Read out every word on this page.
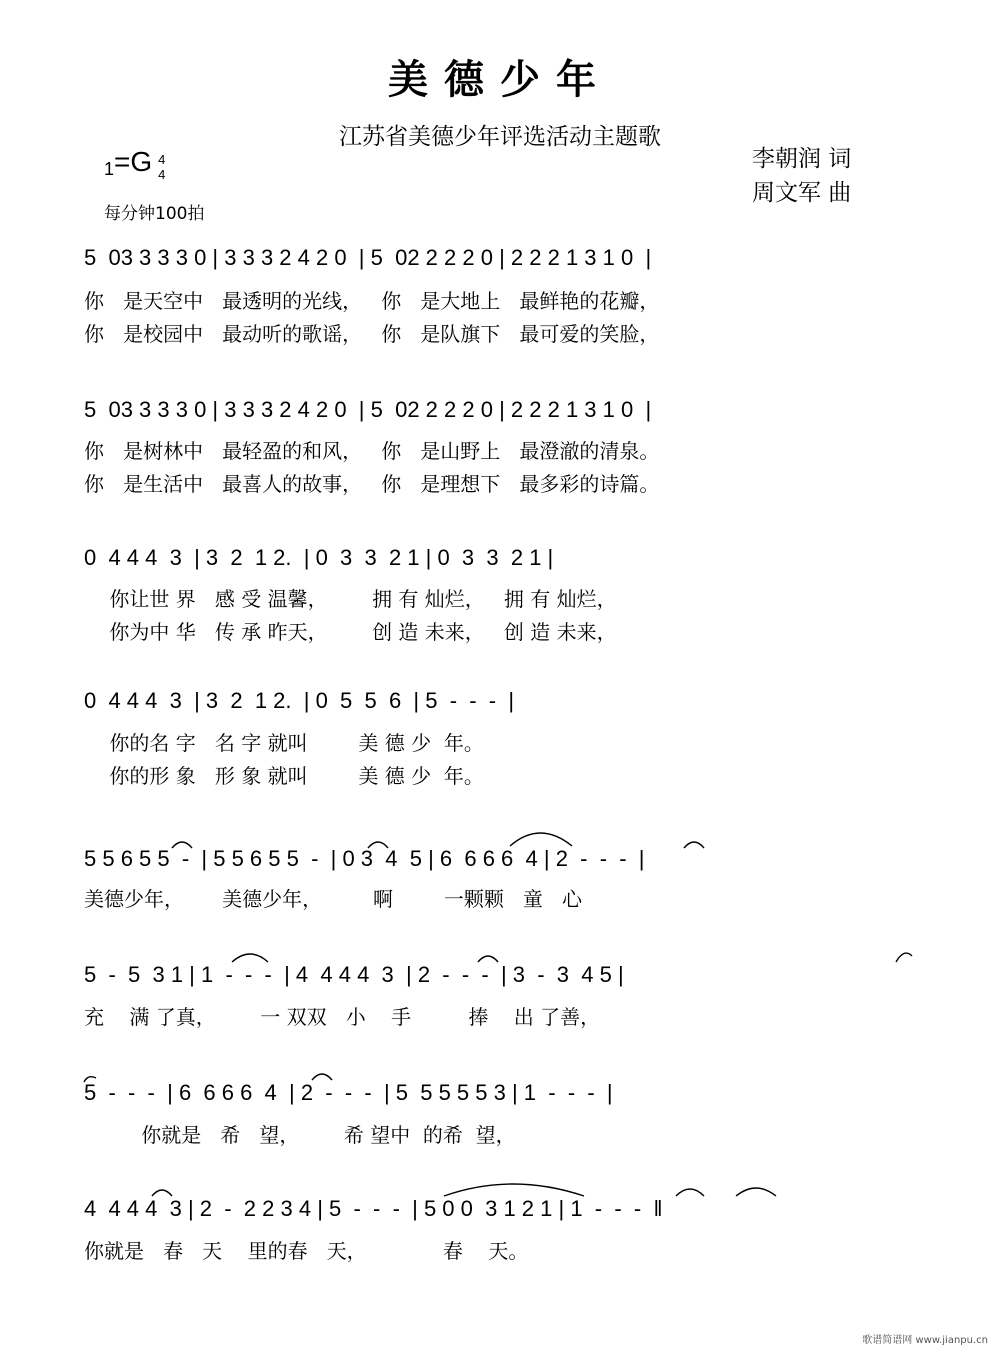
美德少年
江苏省美德少年评选活动主题歌
李朝润 词
周文军 曲
1=G 4
4
每分钟100拍
5  03 3 3 3 0 | 3 3 3 2 4 2 0  | 5  02 2 2 2 0 | 2 2 2 1 3 1 0  |
你   是天空中   最透明的光线，   你   是大地上   最鲜艳的花瓣，
你   是校园中   最动听的歌谣，   你   是队旗下   最可爱的笑脸，
5  03 3 3 3 0 | 3 3 3 2 4 2 0  | 5  02 2 2 2 0 | 2 2 2 1 3 1 0  |
你   是树林中   最轻盈的和风，   你   是山野上   最澄澈的清泉。
你   是生活中   最喜人的故事，   你   是理想下   最多彩的诗篇。
0  4 4 4  3  | 3  2  1 2.  | 0  3  3  2 1 | 0  3  3  2 1 |
你让世 界   感 受 温馨，       拥 有 灿烂，   拥 有 灿烂，
你为中 华   传 承 昨天，       创 造 未来，   创 造 未来，
0  4 4 4  3  | 3  2  1 2.  | 0  5  5  6  | 5  -  -  -  |
你的名 字   名 字 就叫        美 德 少  年。
你的形 象   形 象 就叫        美 德 少  年。
5 5 6 5 5  -  | 5 5 6 5 5  -  | 0 3  4  5 | 6  6 6 6  4 | 2  -  -  -  |
美德少年，      美德少年，        啊        一颗颗   童   心
5  -  5  3 1 | 1  -  -  -  | 4  4 4 4  3  | 2  -  -  -  | 3  -  3  4 5 |
充    满 了真，       一 双双   小    手         捧    出 了善，
5  -  -  -  | 6  6 6 6  4  | 2  -  -  -  | 5  5 5 5 5 3 | 1  -  -  -  |
你就是   希   望，       希 望中  的希  望，
4  4 4 4  3 | 2  -  2 2 3 4 | 5  -  -  -  | 5 0 0  3 1 2 1 | 1  -  -  -  ‖
你就是   春   天    里的春   天，            春    天。
歌谱简谱网 www.jianpu.cn
